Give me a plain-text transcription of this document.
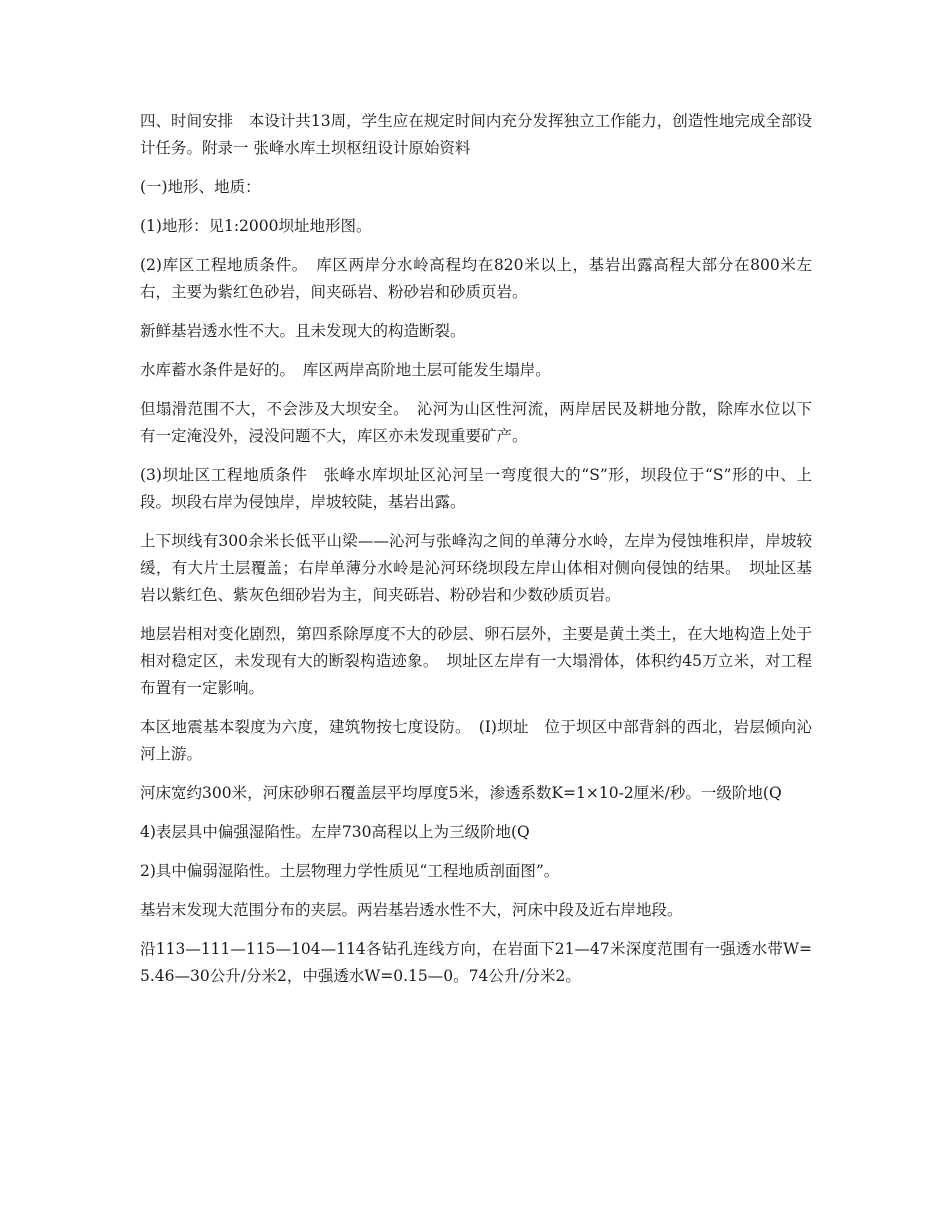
四、时间安排　本设计共13周，学生应在规定时间内充分发挥独立工作能力，创造性地完成全部设计任务。附录一 张峰水库土坝枢纽设计原始资料

(一)地形、地质：

(1)地形：见1:2000坝址地形图。

(2)库区工程地质条件。　库区两岸分水岭高程均在820米以上，基岩出露高程大部分在800米左右，主要为紫红色砂岩，间夹砾岩、粉砂岩和砂质页岩。

新鲜基岩透水性不大。且未发现大的构造断裂。

水库蓄水条件是好的。　库区两岸高阶地土层可能发生塌岸。

但塌滑范围不大，不会涉及大坝安全。　沁河为山区性河流，两岸居民及耕地分散，除库水位以下有一定淹没外，浸没问题不大，库区亦未发现重要矿产。

(3)坝址区工程地质条件　张峰水库坝址区沁河呈一弯度很大的“S”形，坝段位于“S”形的中、上段。坝段右岸为侵蚀岸，岸坡较陡，基岩出露。

上下坝线有300余米长低平山梁——沁河与张峰沟之间的单薄分水岭，左岸为侵蚀堆积岸，岸坡较缓，有大片土层覆盖；右岸单薄分水岭是沁河环绕坝段左岸山体相对侧向侵蚀的结果。　坝址区基岩以紫红色、紫灰色细砂岩为主，间夹砾岩、粉砂岩和少数砂质页岩。

地层岩相对变化剧烈，第四系除厚度不大的砂层、卵石层外，主要是黄土类土，在大地构造上处于相对稳定区，未发现有大的断裂构造迹象。　坝址区左岸有一大塌滑体，体积约45万立米，对工程布置有一定影响。

本区地震基本裂度为六度，建筑物按七度设防。　(I)坝址　位于坝区中部背斜的西北，岩层倾向沁河上游。

河床宽约300米，河床砂卵石覆盖层平均厚度5米，渗透系数K=1×10-2厘米/秒。一级阶地(Q

4)表层具中偏强湿陷性。左岸730高程以上为三级阶地(Q

2)具中偏弱湿陷性。土层物理力学性质见“工程地质剖面图”。

基岩末发现大范围分布的夹层。两岩基岩透水性不大，河床中段及近右岸地段。

沿113—111—115—104—114各钻孔连线方向，在岩面下21—47米深度范围有一强透水带W=5.46—30公升/分米2，中强透水W=0.15—0。74公升/分米2。
